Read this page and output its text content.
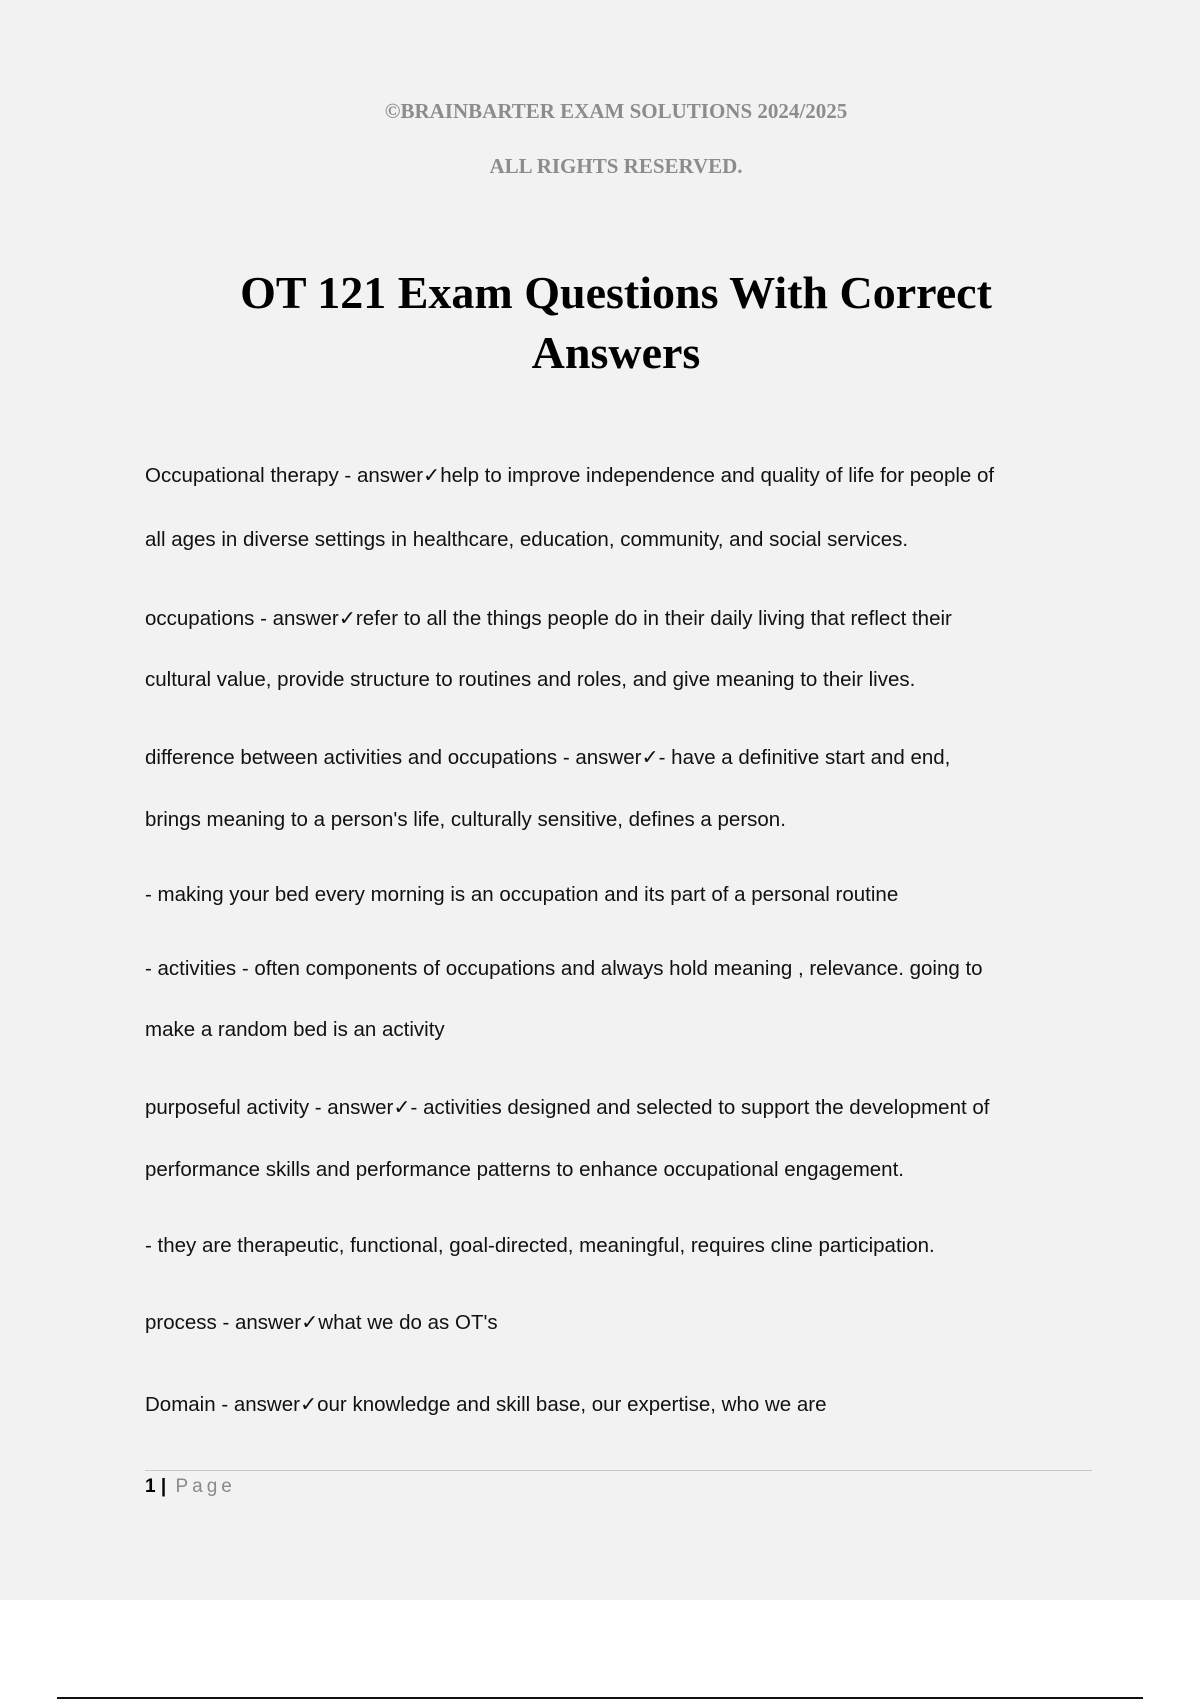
©BRAINBARTER EXAM SOLUTIONS 2024/2025

ALL RIGHTS RESERVED.

OT 121 Exam Questions With Correct
Answers

Occupational therapy - answer✓help to improve independence and quality of life for people of

all ages in diverse settings in healthcare, education, community, and social services.

occupations - answer✓refer to all the things people do in their daily living that reflect their

cultural value, provide structure to routines and roles, and give meaning to their lives.

difference between activities and occupations - answer✓- have a definitive start and end,

brings meaning to a person's life, culturally sensitive, defines a person.

- making your bed every morning is an occupation and its part of a personal routine

- activities - often components of occupations and always hold meaning , relevance. going to

make a random bed is an activity

purposeful activity - answer✓- activities designed and selected to support the development of

performance skills and performance patterns to enhance occupational engagement.

- they are therapeutic, functional, goal-directed, meaningful, requires cline participation.

process - answer✓what we do as OT's

Domain - answer✓our knowledge and skill base, our expertise, who we are

1 | Page
